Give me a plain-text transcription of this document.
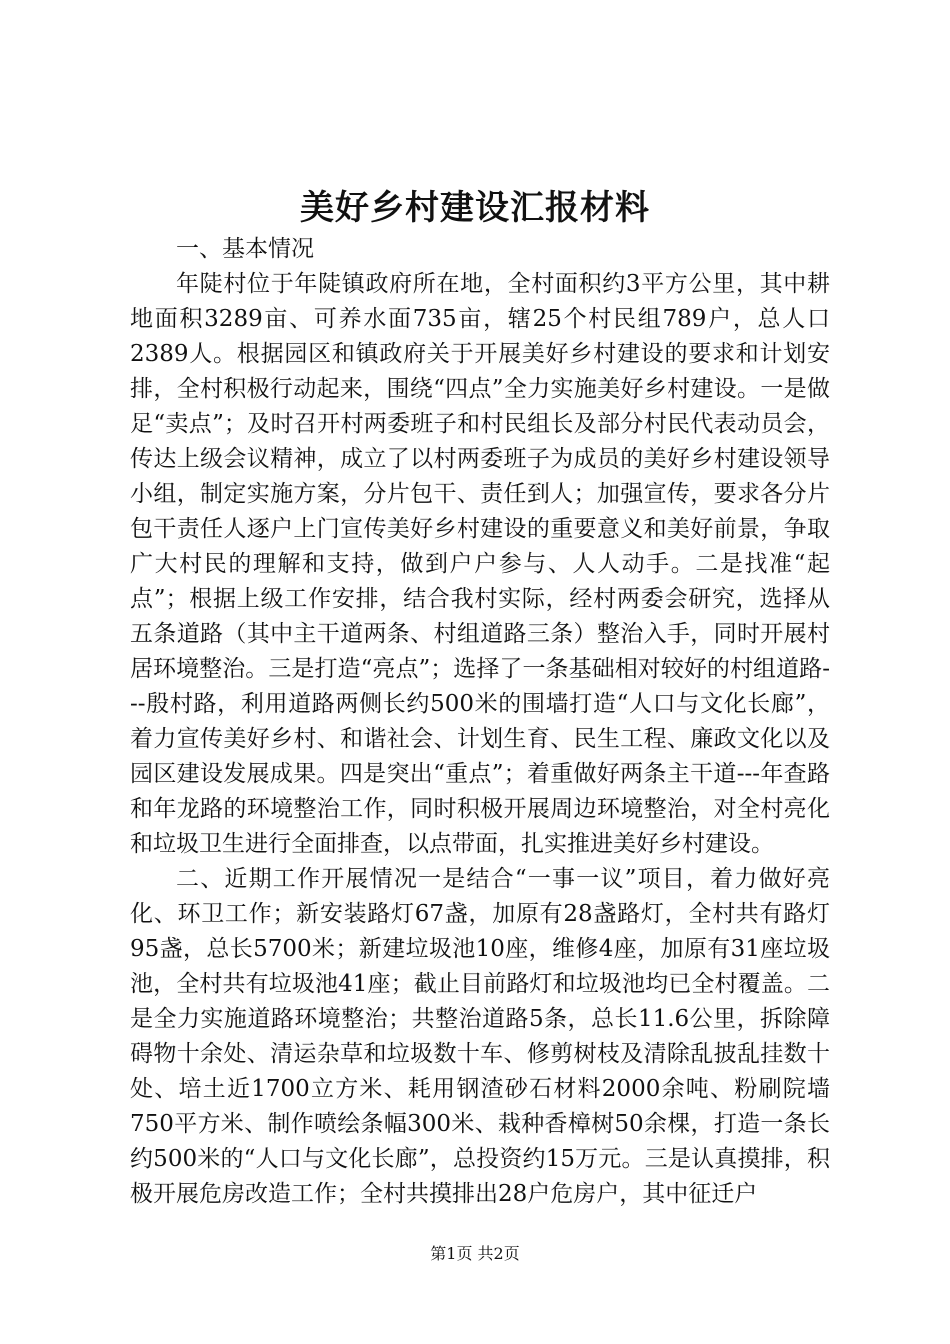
美好乡村建设汇报材料

一、基本情况

年陡村位于年陡镇政府所在地，全村面积约3平方公里，其中耕地面积3289亩、可养水面735亩，辖25个村民组789户，总人口2389人。根据园区和镇政府关于开展美好乡村建设的要求和计划安排，全村积极行动起来，围绕“四点”全力实施美好乡村建设。一是做足“卖点”；及时召开村两委班子和村民组长及部分村民代表动员会，传达上级会议精神，成立了以村两委班子为成员的美好乡村建设领导小组，制定实施方案，分片包干、责任到人；加强宣传，要求各分片包干责任人逐户上门宣传美好乡村建设的重要意义和美好前景，争取广大村民的理解和支持，做到户户参与、人人动手。二是找准“起点”；根据上级工作安排，结合我村实际，经村两委会研究，选择从五条道路（其中主干道两条、村组道路三条）整治入手，同时开展村居环境整治。三是打造“亮点”；选择了一条基础相对较好的村组道路---殷村路，利用道路两侧长约500米的围墙打造“人口与文化长廊”，着力宣传美好乡村、和谐社会、计划生育、民生工程、廉政文化以及园区建设发展成果。四是突出“重点”；着重做好两条主干道---年查路和年龙路的环境整治工作，同时积极开展周边环境整治，对全村亮化和垃圾卫生进行全面排查，以点带面，扎实推进美好乡村建设。

二、近期工作开展情况一是结合“一事一议”项目，着力做好亮化、环卫工作；新安装路灯67盏，加原有28盏路灯，全村共有路灯95盏，总长5700米；新建垃圾池10座，维修4座，加原有31座垃圾池，全村共有垃圾池41座；截止目前路灯和垃圾池均已全村覆盖。二是全力实施道路环境整治；共整治道路5条，总长11.6公里，拆除障碍物十余处、清运杂草和垃圾数十车、修剪树枝及清除乱披乱挂数十处、培土近1700立方米、耗用钢渣砂石材料2000余吨、粉刷院墙750平方米、制作喷绘条幅300米、栽种香樟树50余棵，打造一条长约500米的“人口与文化长廊”，总投资约15万元。三是认真摸排，积极开展危房改造工作；全村共摸排出28户危房户，其中征迁户

第1页 共2页
